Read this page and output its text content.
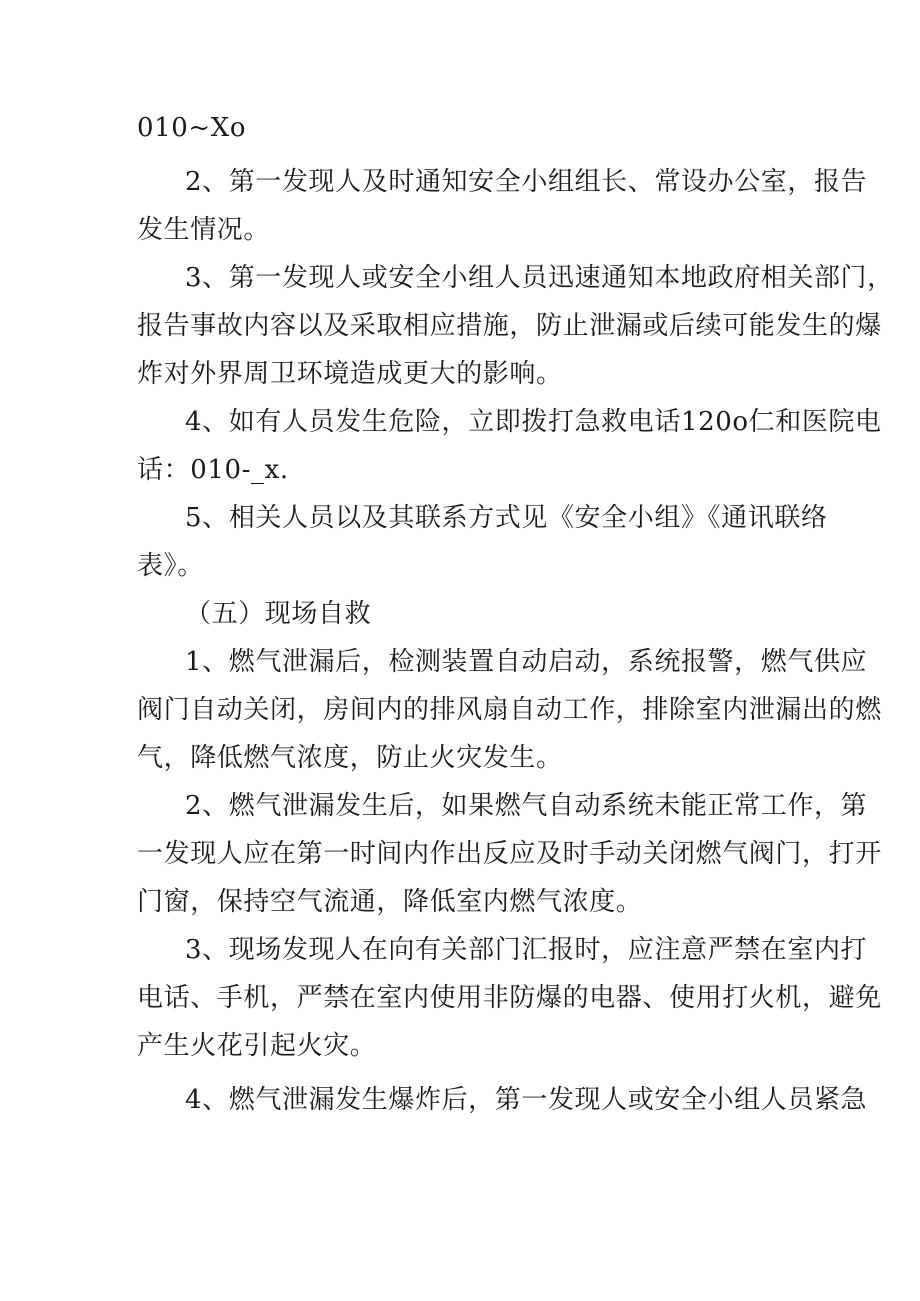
010~Xo
2、第一发现人及时通知安全小组组长、常设办公室，报告
发生情况。
3、第一发现人或安全小组人员迅速通知本地政府相关部门，
报告事故内容以及采取相应措施，防止泄漏或后续可能发生的爆
炸对外界周卫环境造成更大的影响。
4、如有人员发生危险，立即拨打急救电话120o仁和医院电
话：010-_x.
5、相关人员以及其联系方式见《安全小组》《通讯联络
表》。
（五）现场自救
1、燃气泄漏后，检测装置自动启动，系统报警，燃气供应
阀门自动关闭，房间内的排风扇自动工作，排除室内泄漏出的燃
气，降低燃气浓度，防止火灾发生。
2、燃气泄漏发生后，如果燃气自动系统未能正常工作，第
一发现人应在第一时间内作出反应及时手动关闭燃气阀门，打开
门窗，保持空气流通，降低室内燃气浓度。
3、现场发现人在向有关部门汇报时，应注意严禁在室内打
电话、手机，严禁在室内使用非防爆的电器、使用打火机，避免
产生火花引起火灾。
4、燃气泄漏发生爆炸后，第一发现人或安全小组人员紧急
